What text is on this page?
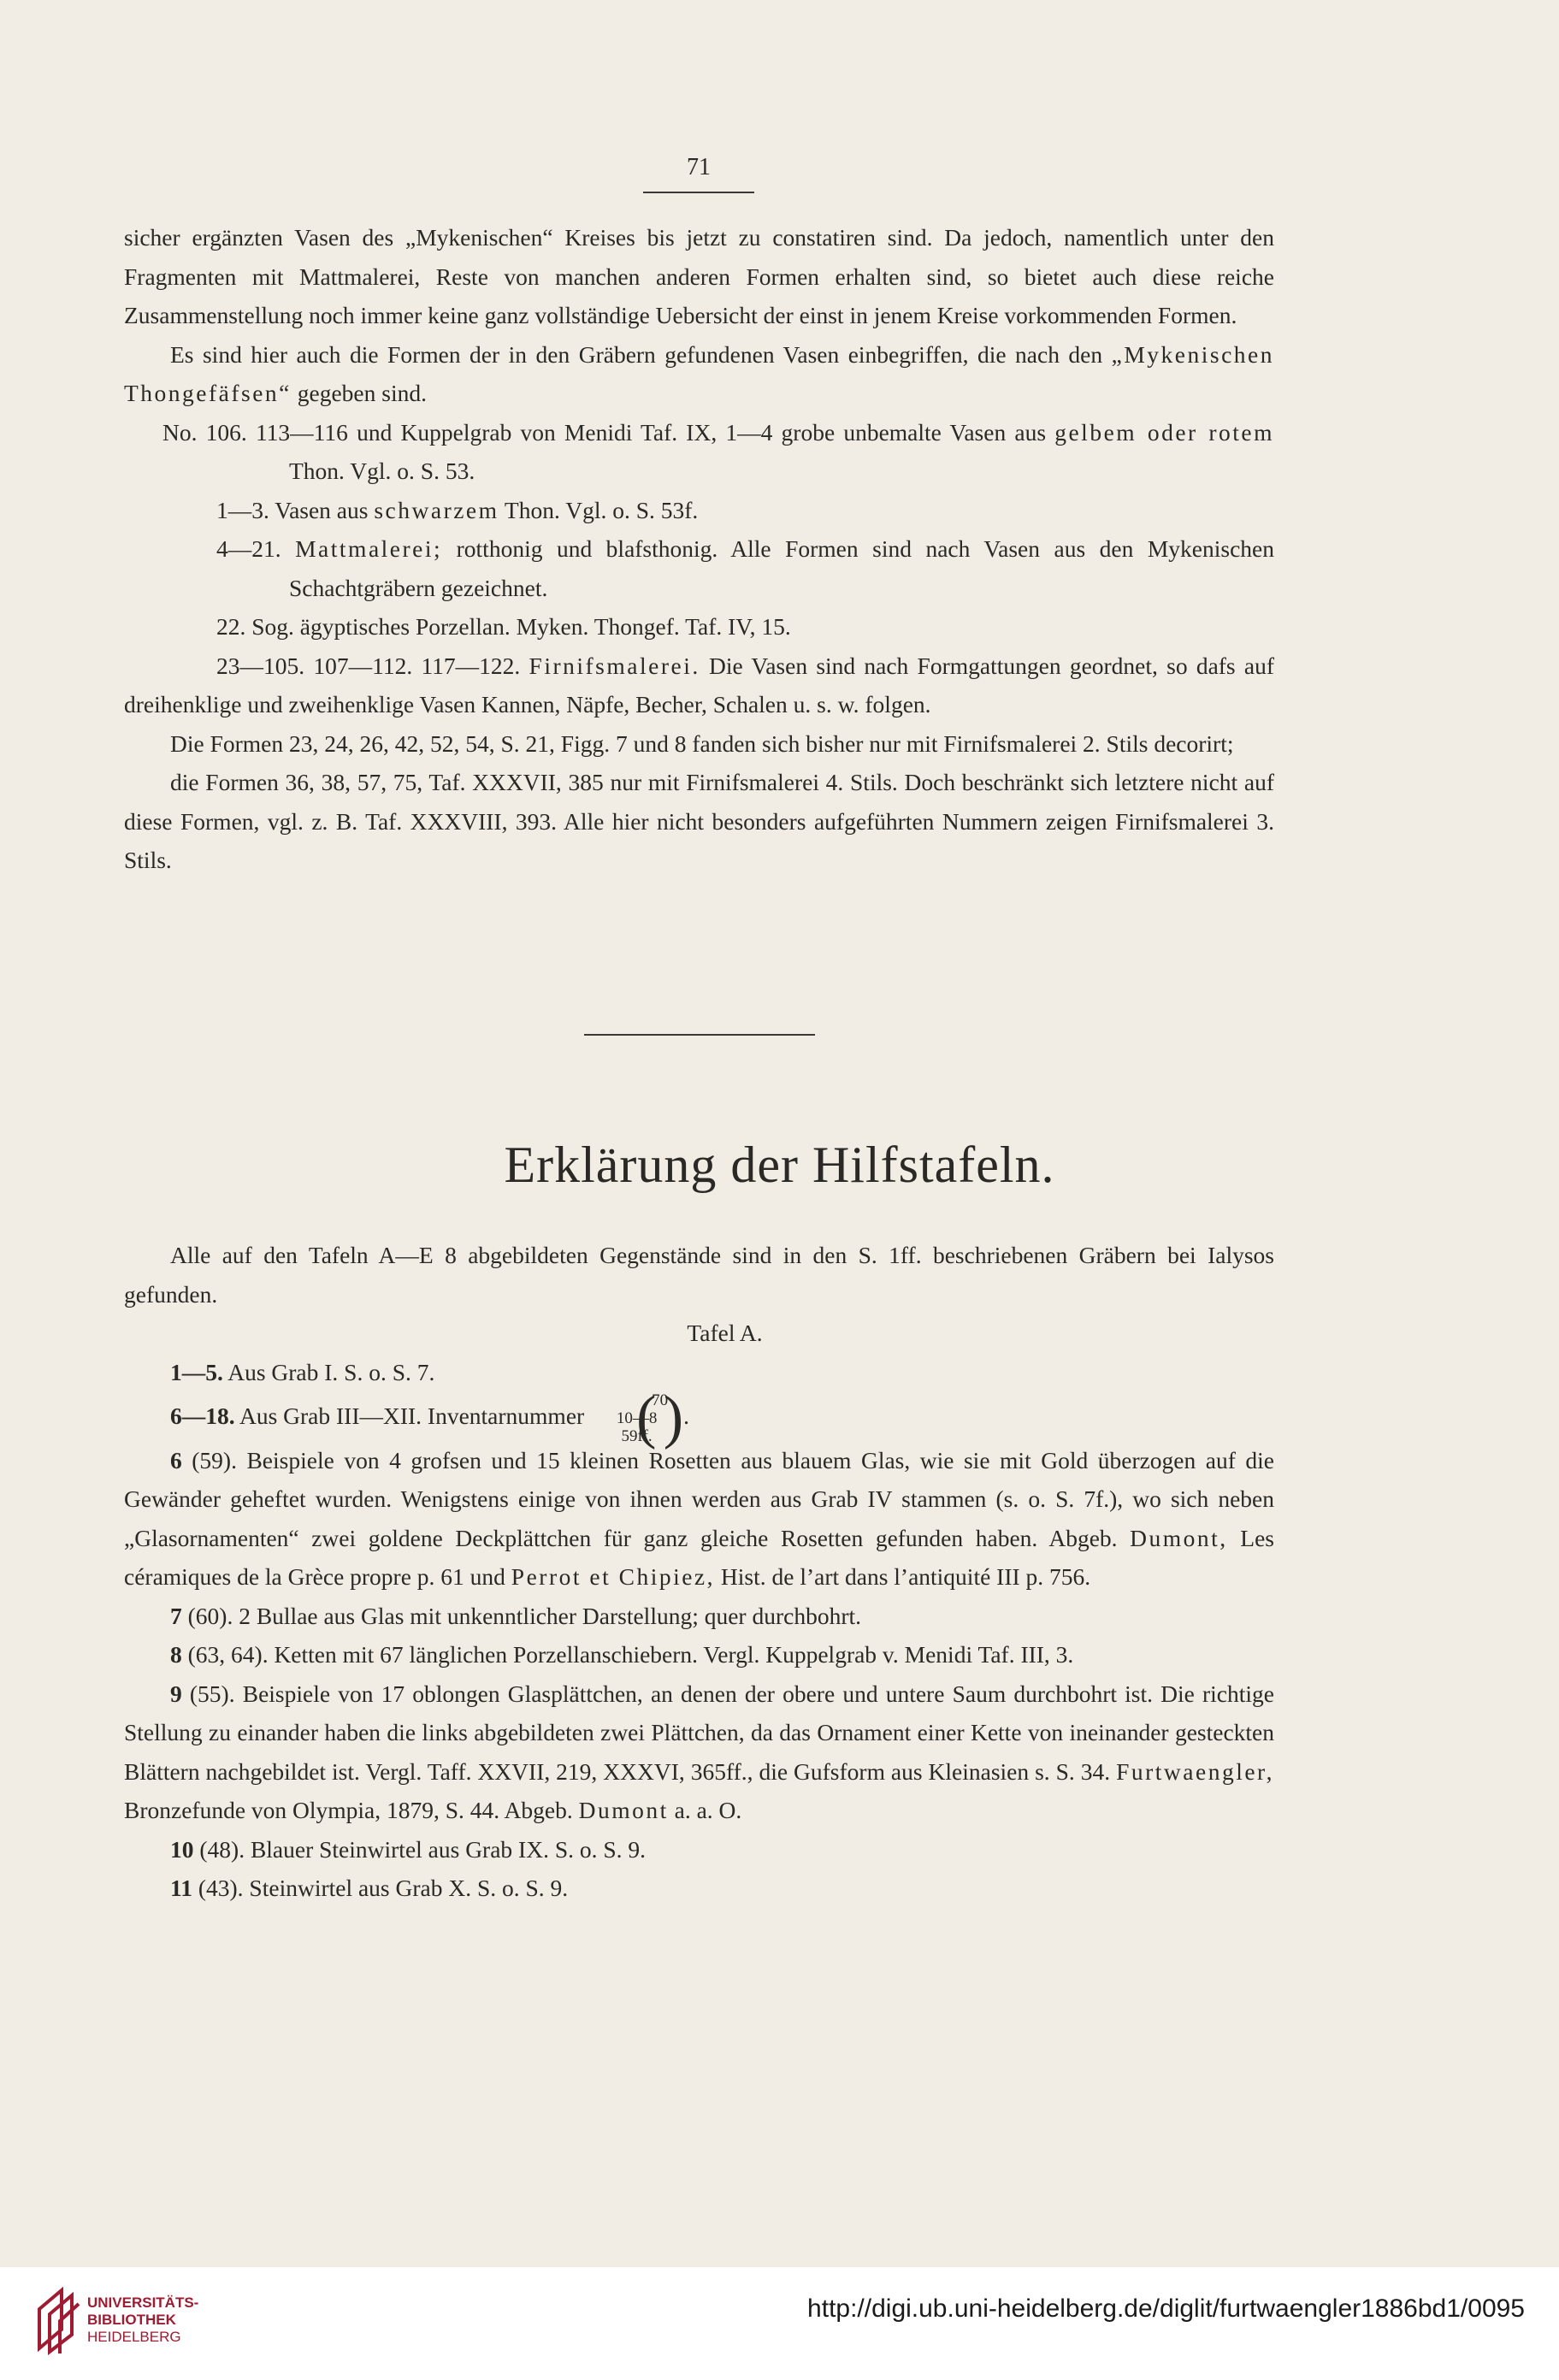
71

sicher ergänzten Vasen des „Mykenischen“ Kreises bis jetzt zu constatiren sind. Da jedoch, namentlich unter den Fragmenten mit Mattmalerei, Reste von manchen anderen Formen erhalten sind, so bietet auch diese reiche Zusammenstellung noch immer keine ganz vollständige Uebersicht der einst in jenem Kreise vorkommenden Formen.

Es sind hier auch die Formen der in den Gräbern gefundenen Vasen einbegriffen, die nach den „Mykenischen Thongefäfsen“ gegeben sind.

No. 106. 113—116 und Kuppelgrab von Menidi Taf. IX, 1—4 grobe unbemalte Vasen aus gelbem oder rotem Thon. Vgl. o. S. 53.

1—3. Vasen aus schwarzem Thon. Vgl. o. S. 53f.

4—21. Mattmalerei; rotthonig und blafsthonig. Alle Formen sind nach Vasen aus den Mykenischen Schachtgräbern gezeichnet.

22. Sog. ägyptisches Porzellan. Myken. Thongef. Taf. IV, 15.

23—105. 107—112. 117—122. Firnifsmalerei. Die Vasen sind nach Formgattungen geordnet, so dafs auf dreihenklige und zweihenklige Vasen Kannen, Näpfe, Becher, Schalen u. s. w. folgen.

Die Formen 23, 24, 26, 42, 52, 54, S. 21, Figg. 7 und 8 fanden sich bisher nur mit Firnifsmalerei 2. Stils decorirt;

die Formen 36, 38, 57, 75, Taf. XXXVII, 385 nur mit Firnifsmalerei 4. Stils. Doch beschränkt sich letztere nicht auf diese Formen, vgl. z. B. Taf. XXXVIII, 393. Alle hier nicht besonders aufgeführten Nummern zeigen Firnifsmalerei 3. Stils.

Erklärung der Hilfstafeln.

Alle auf den Tafeln A—E 8 abgebildeten Gegenstände sind in den S. 1ff. beschriebenen Gräbern bei Ialysos gefunden.

Tafel A.

1—5. Aus Grab I. S. o. S. 7.

6—18. Aus Grab III—XII. Inventarnummer ( 70
10—8
59ff. ).

6 (59). Beispiele von 4 grofsen und 15 kleinen Rosetten aus blauem Glas, wie sie mit Gold überzogen auf die Gewänder geheftet wurden. Wenigstens einige von ihnen werden aus Grab IV stammen (s. o. S. 7f.), wo sich neben „Glasornamenten“ zwei goldene Deckplättchen für ganz gleiche Rosetten gefunden haben. Abgeb. Dumont, Les céramiques de la Grèce propre p. 61 und Perrot et Chipiez, Hist. de l’art dans l’antiquité III p. 756.

7 (60). 2 Bullae aus Glas mit unkenntlicher Darstellung; quer durchbohrt.

8 (63, 64). Ketten mit 67 länglichen Porzellanschiebern. Vergl. Kuppelgrab v. Menidi Taf. III, 3.

9 (55). Beispiele von 17 oblongen Glasplättchen, an denen der obere und untere Saum durchbohrt ist. Die richtige Stellung zu einander haben die links abgebildeten zwei Plättchen, da das Ornament einer Kette von ineinander gesteckten Blättern nachgebildet ist. Vergl. Taff. XXVII, 219, XXXVI, 365ff., die Gufsform aus Kleinasien s. S. 34. Furtwaengler, Bronzefunde von Olympia, 1879, S. 44. Abgeb. Dumont a. a. O.

10 (48). Blauer Steinwirtel aus Grab IX. S. o. S. 9.

11 (43). Steinwirtel aus Grab X. S. o. S. 9.

UNIVERSITÄTS-
BIBLIOTHEK
HEIDELBERG
http://digi.ub.uni-heidelberg.de/diglit/furtwaengler1886bd1/0095
